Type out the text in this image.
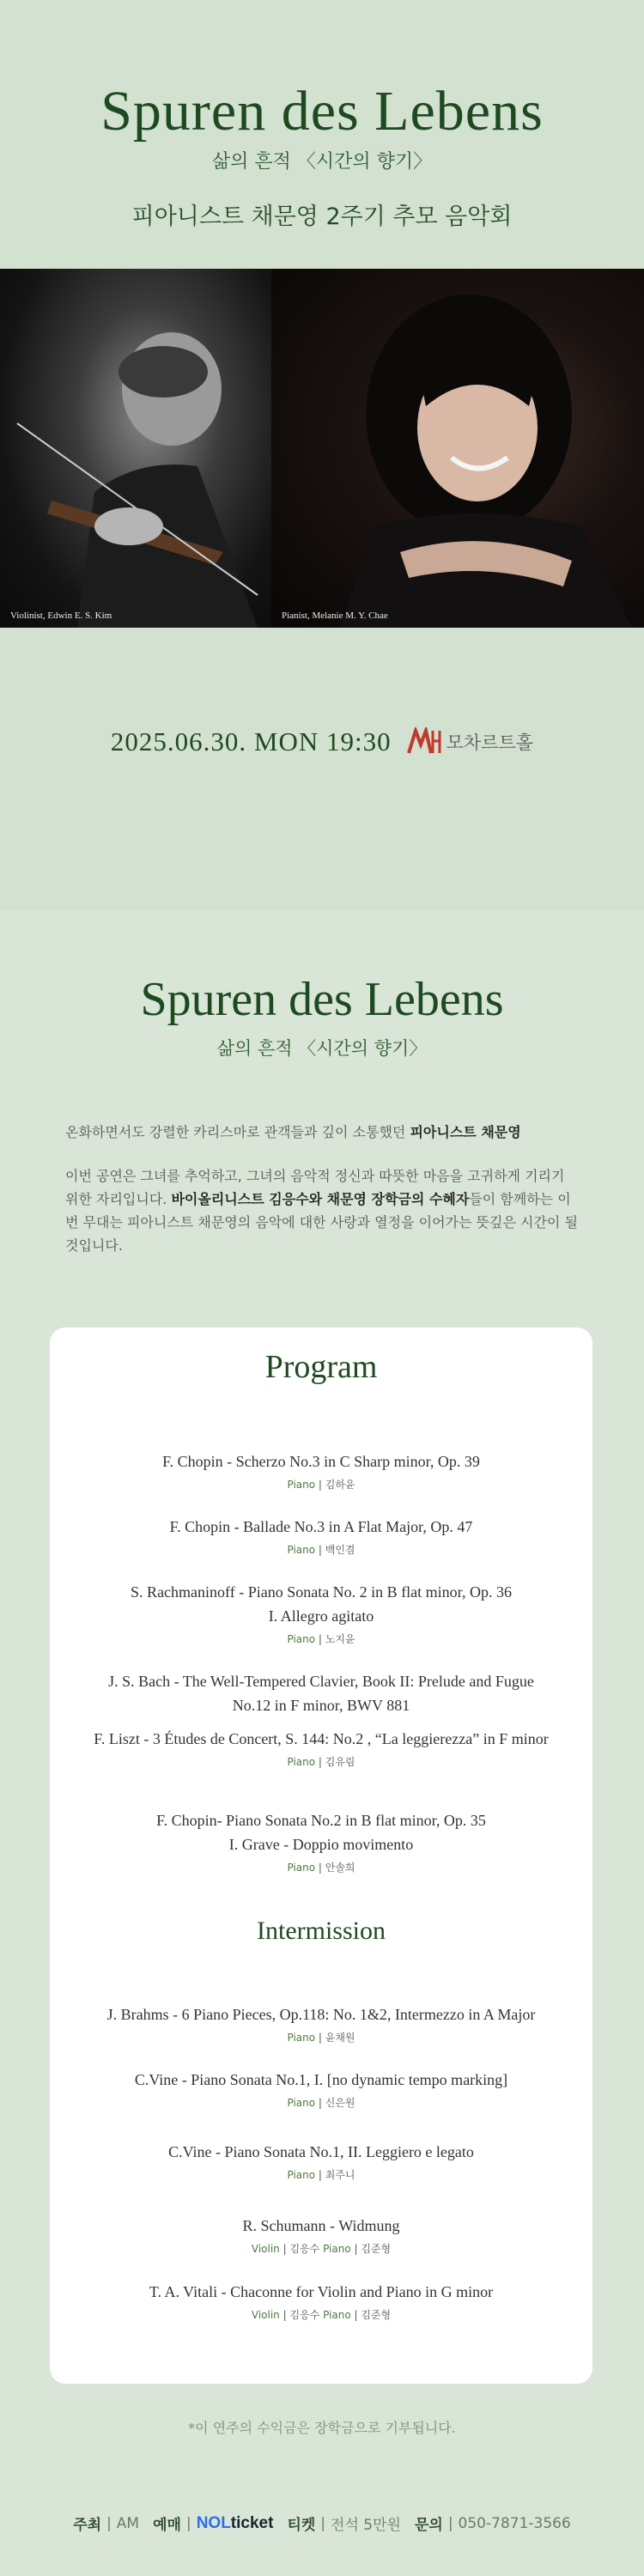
Spuren des Lebens
삶의 흔적 〈시간의 향기〉
피아니스트 채문영 2주기 추모 음악회
Violinist, Edwin E. S. Kim	Pianist, Melanie M. Y. Chae
2025.06.30. MON 19:30	모차르트홀
Spuren des Lebens
삶의 흔적 〈시간의 향기〉

온화하면서도 강렬한 카리스마로 관객들과 깊이 소통했던 피아니스트 채문영

이번 공연은 그녀를 추억하고, 그녀의 음악적 정신과 따뜻한 마음을 고귀하게 기리기 위한 자리입니다. 바이올리니스트 김응수와 채문영 장학금의 수혜자들이 함께하는 이번 무대는 피아니스트 채문영의 음악에 대한 사랑과 열정을 이어가는 뜻깊은 시간이 될 것입니다.

Program
F. Chopin - Scherzo No.3 in C Sharp minor, Op. 39
Piano | 김하윤
F. Chopin - Ballade No.3 in A Flat Major, Op. 47
Piano | 백인겸
S. Rachmaninoff - Piano Sonata No. 2 in B flat minor, Op. 36
I. Allegro agitato
Piano | 노지윤
J. S. Bach - The Well-Tempered Clavier, Book II: Prelude and Fugue
No.12 in F minor, BWV 881
F. Liszt - 3 Études de Concert, S. 144: No.2 , “La leggierezza” in F minor
Piano | 김유림
F. Chopin- Piano Sonata No.2 in B flat minor, Op. 35
I. Grave - Doppio movimento
Piano | 안솔희
Intermission
J. Brahms - 6 Piano Pieces, Op.118: No. 1&2, Intermezzo in A Major
Piano | 윤채원
C.Vine - Piano Sonata No.1, I. [no dynamic tempo marking]
Piano | 신은원
C.Vine - Piano Sonata No.1, II. Leggiero e legato
Piano | 최주니
R. Schumann - Widmung
Violin | 김응수 Piano | 김준형
T. A. Vitali - Chaconne for Violin and Piano in G minor
Violin | 김응수 Piano | 김준형
*이 연주의 수익금은 장학금으로 기부됩니다.
주최 | AM 예매 | NOLticket 티켓 | 전석 5만원 문의 | 050-7871-3566
